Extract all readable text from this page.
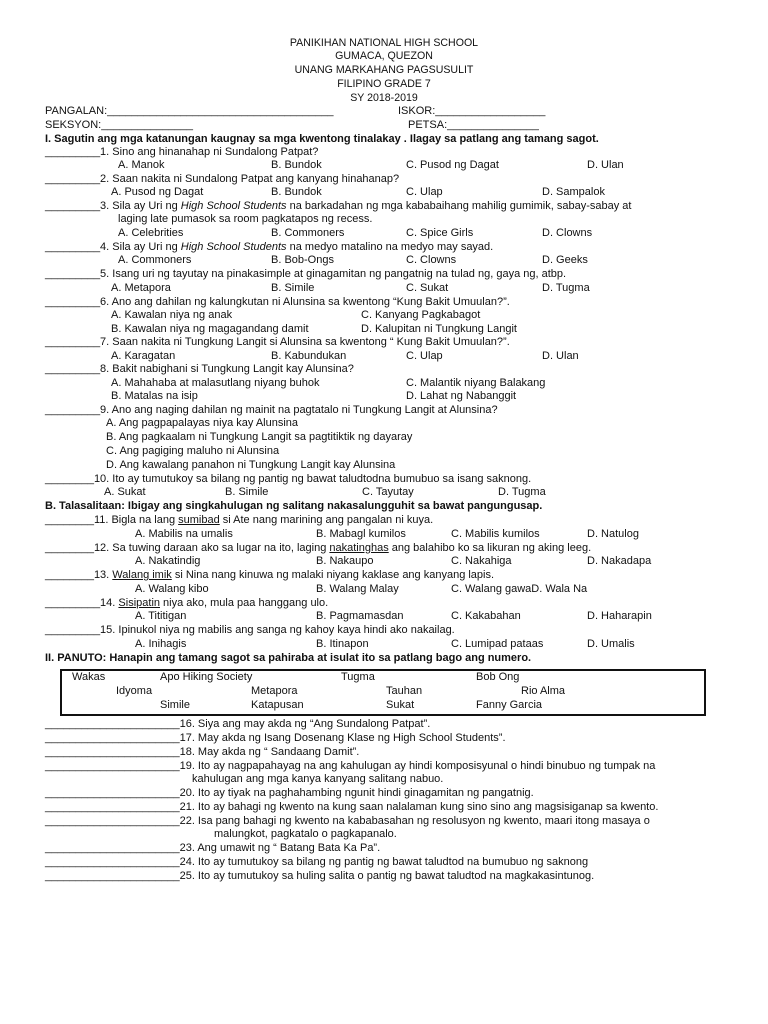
PANIKIHAN NATIONAL HIGH SCHOOL
GUMACA, QUEZON
UNANG MARKAHANG PAGSUSULIT
FILIPINO GRADE 7
SY 2018-2019
PANGALAN:_____________________________________	ISKOR:__________________
SEKSYON:_______________	PETSA:_______________
I. Sagutin ang mga katanungan kaugnay sa mga kwentong tinalakay . Ilagay sa patlang ang tamang sagot.
_________1. Sino ang hinanahap ni Sundalong Patpat?
A. Manok	B. Bundok	C. Pusod ng Dagat	D. Ulan
_________2. Saan nakita ni Sundalong Patpat ang kanyang hinahanap?
A. Pusod ng Dagat	B. Bundok	C. Ulap	D. Sampalok
_________3. Sila ay Uri ng High School Students na barkadahan ng mga kababaihang mahilig gumimik, sabay-sabay at
laging late pumasok sa room pagkatapos ng recess.
A. Celebrities	B. Commoners	C. Spice Girls	D. Clowns
_________4. Sila ay Uri ng High School Students na medyo matalino na medyo may sayad.
A. Commoners	B. Bob-Ongs	C. Clowns	D. Geeks
_________5. Isang uri ng tayutay na pinakasimple at ginagamitan ng pangatnig na tulad ng, gaya ng, atbp.
A. Metapora	B. Simile	C. Sukat	D. Tugma
_________6. Ano ang dahilan ng kalungkutan ni Alunsina sa kwentong “Kung Bakit Umuulan?”.
A. Kawalan niya ng anak	C. Kanyang Pagkabagot
B. Kawalan niya ng magagandang damit	D. Kalupitan ni Tungkung Langit
_________7. Saan nakita ni Tungkung Langit si Alunsina sa kwentong “ Kung Bakit Umuulan?”.
A. Karagatan	B. Kabundukan	C. Ulap	D. Ulan
_________8. Bakit nabighani si Tungkung Langit kay Alunsina?
A. Mahahaba at malasutlang niyang buhok	C. Malantik niyang Balakang
B. Matalas na isip	D. Lahat ng Nabanggit
_________9. Ano ang naging dahilan ng mainit na pagtatalo ni Tungkung Langit at Alunsina?
A. Ang pagpapalayas niya kay Alunsina
B. Ang pagkaalam ni Tungkung Langit sa pagtitiktik ng dayaray
C. Ang pagiging maluho ni Alunsina
D. Ang kawalang panahon ni Tungkung Langit kay Alunsina
________10. Ito ay tumutukoy sa bilang ng pantig ng bawat taludtodna bumubuo sa isang saknong.
A. Sukat	B. Simile	C. Tayutay	D. Tugma
B. Talasalitaan: Ibigay ang singkahulugan ng salitang nakasalungguhit sa bawat pangungusap.
________11. Bigla na lang sumibad si Ate nang marining ang pangalan ni kuya.
A. Mabilis na umalis	B. Mabagl kumilos	C. Mabilis kumilos	D. Natulog
________12. Sa tuwing daraan ako sa lugar na ito, laging nakatinghas ang balahibo ko sa likuran ng aking leeg.
A. Nakatindig	B. Nakaupo	C. Nakahiga	D. Nakadapa
________13. Walang imik si Nina nang kinuwa ng malaki niyang kaklase ang kanyang lapis.
A. Walang kibo	B. Walang Malay	C. Walang gawaD. Wala Na
_________14. Sisipatin niya ako, mula paa hanggang ulo.
A. Tititigan	B. Pagmamasdan	C. Kakabahan	D. Haharapin
_________15. Ipinukol niya ng mabilis ang sanga ng kahoy kaya hindi ako nakailag.
A. Inihagis	B. Itinapon	C. Lumipad pataas	D. Umalis
II. PANUTO: Hanapin ang tamang sagot sa pahiraba at isulat ito sa patlang bago ang numero.
Wakas	Apo Hiking Society	Tugma	Bob Ong
Idyoma	Metapora	Tauhan	Rio Alma
Simile	Katapusan	Sukat	Fanny Garcia
______________________16. Siya ang may akda ng “Ang Sundalong Patpat”.
______________________17. May akda ng Isang Dosenang Klase ng High School Students”.
______________________18. May akda ng “ Sandaang Damit”.
______________________19. Ito ay nagpapahayag na ang kahulugan ay hindi komposisyunal o hindi binubuo ng tumpak na
kahulugan ang mga kanya kanyang salitang nabuo.
______________________20. Ito ay tiyak na paghahambing ngunit hindi ginagamitan ng pangatnig.
______________________21. Ito ay bahagi ng kwento na kung saan nalalaman kung sino sino ang magsisiganap sa kwento.
______________________22. Isa pang bahagi ng kwento na kababasahan ng resolusyon ng kwento, maari itong masaya o
malungkot, pagkatalo o pagkapanalo.
______________________23. Ang umawit ng “ Batang Bata Ka Pa”.
______________________24. Ito ay tumutukoy sa bilang ng pantig ng bawat taludtod na bumubuo ng saknong
______________________25. Ito ay tumutukoy sa huling salita o pantig ng bawat taludtod na magkakasintunog.
